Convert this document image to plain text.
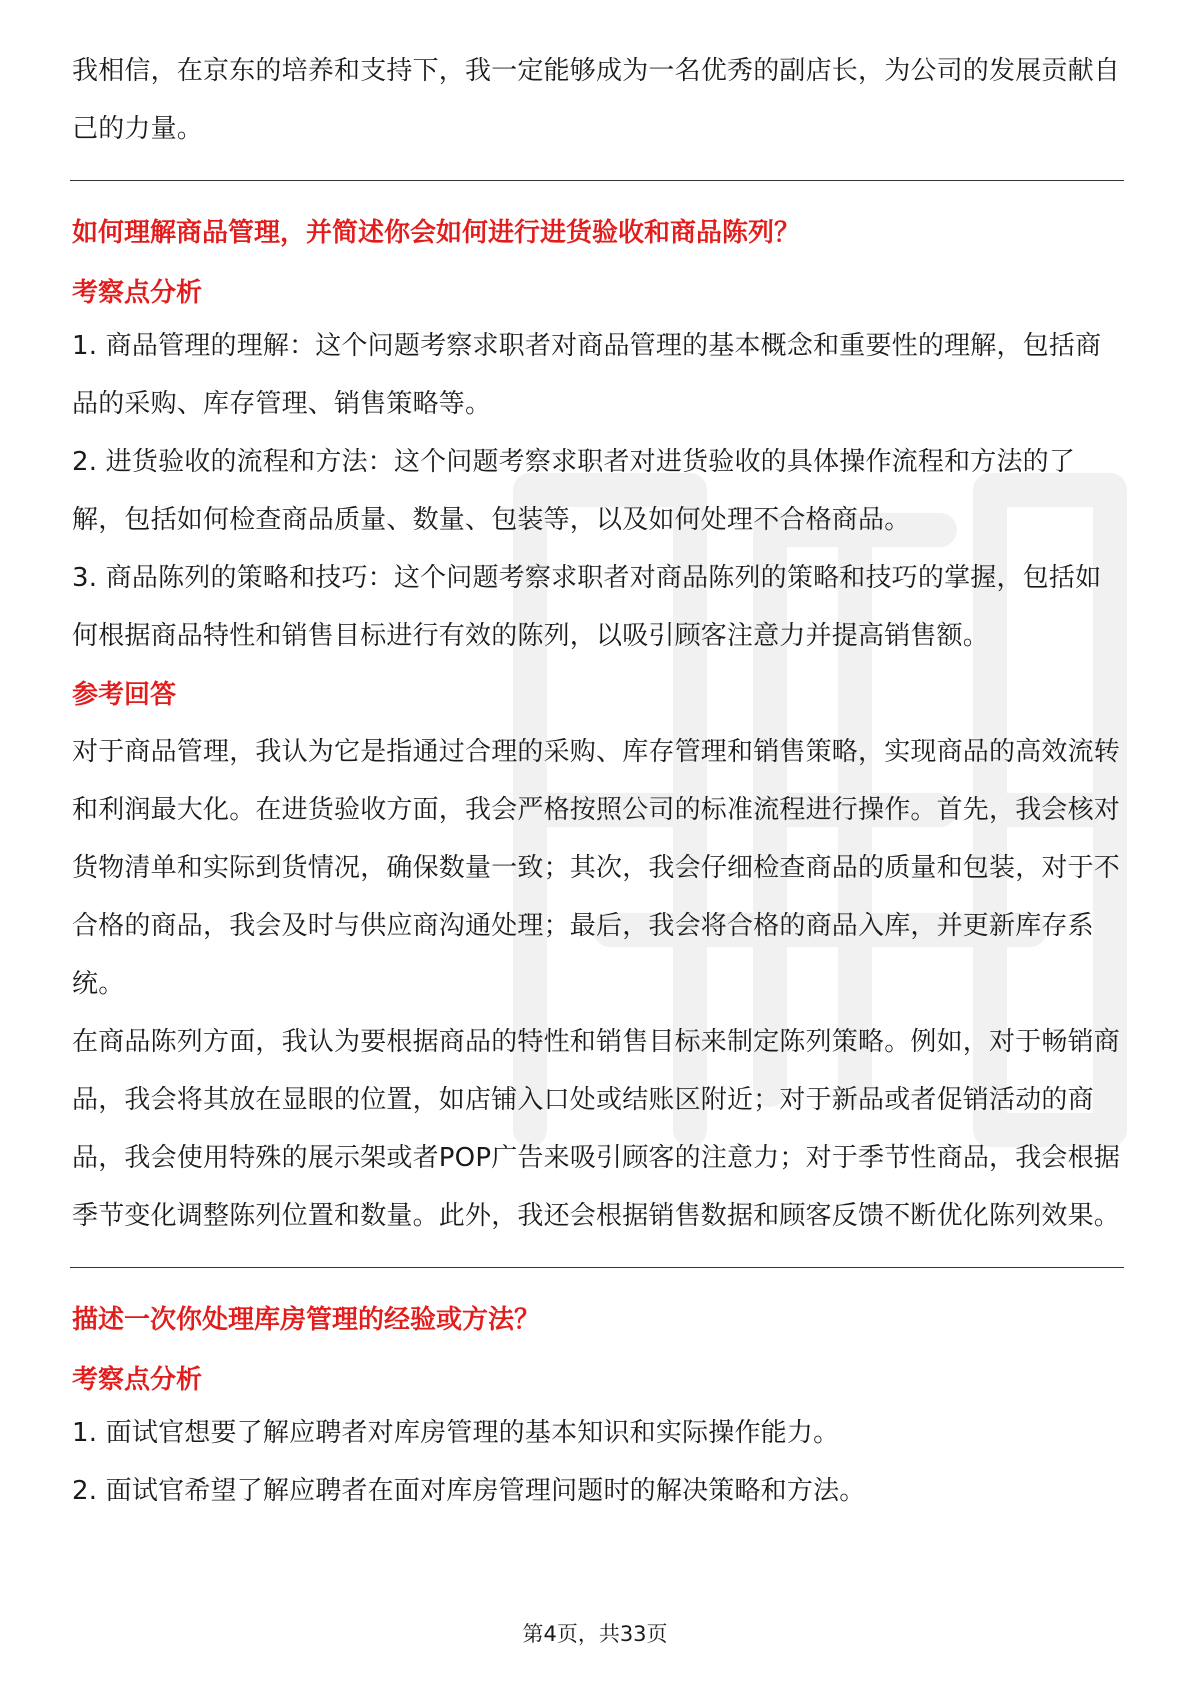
我相信，在京东的培养和支持下，我一定能够成为一名优秀的副店长，为公司的发展贡献自己的力量。

如何理解商品管理，并简述你会如何进行进货验收和商品陈列？

考察点分析

1. 商品管理的理解：这个问题考察求职者对商品管理的基本概念和重要性的理解，包括商品的采购、库存管理、销售策略等。

2. 进货验收的流程和方法：这个问题考察求职者对进货验收的具体操作流程和方法的了解，包括如何检查商品质量、数量、包装等，以及如何处理不合格商品。

3. 商品陈列的策略和技巧：这个问题考察求职者对商品陈列的策略和技巧的掌握，包括如何根据商品特性和销售目标进行有效的陈列，以吸引顾客注意力并提高销售额。

参考回答

对于商品管理，我认为它是指通过合理的采购、库存管理和销售策略，实现商品的高效流转和利润最大化。在进货验收方面，我会严格按照公司的标准流程进行操作。首先，我会核对货物清单和实际到货情况，确保数量一致；其次，我会仔细检查商品的质量和包装，对于不合格的商品，我会及时与供应商沟通处理；最后，我会将合格的商品入库，并更新库存系统。

在商品陈列方面，我认为要根据商品的特性和销售目标来制定陈列策略。例如，对于畅销商品，我会将其放在显眼的位置，如店铺入口处或结账区附近；对于新品或者促销活动的商品，我会使用特殊的展示架或者POP广告来吸引顾客的注意力；对于季节性商品，我会根据季节变化调整陈列位置和数量。此外，我还会根据销售数据和顾客反馈不断优化陈列效果。

描述一次你处理库房管理的经验或方法？

考察点分析

1. 面试官想要了解应聘者对库房管理的基本知识和实际操作能力。

2. 面试官希望了解应聘者在面对库房管理问题时的解决策略和方法。

第4页，共33页
